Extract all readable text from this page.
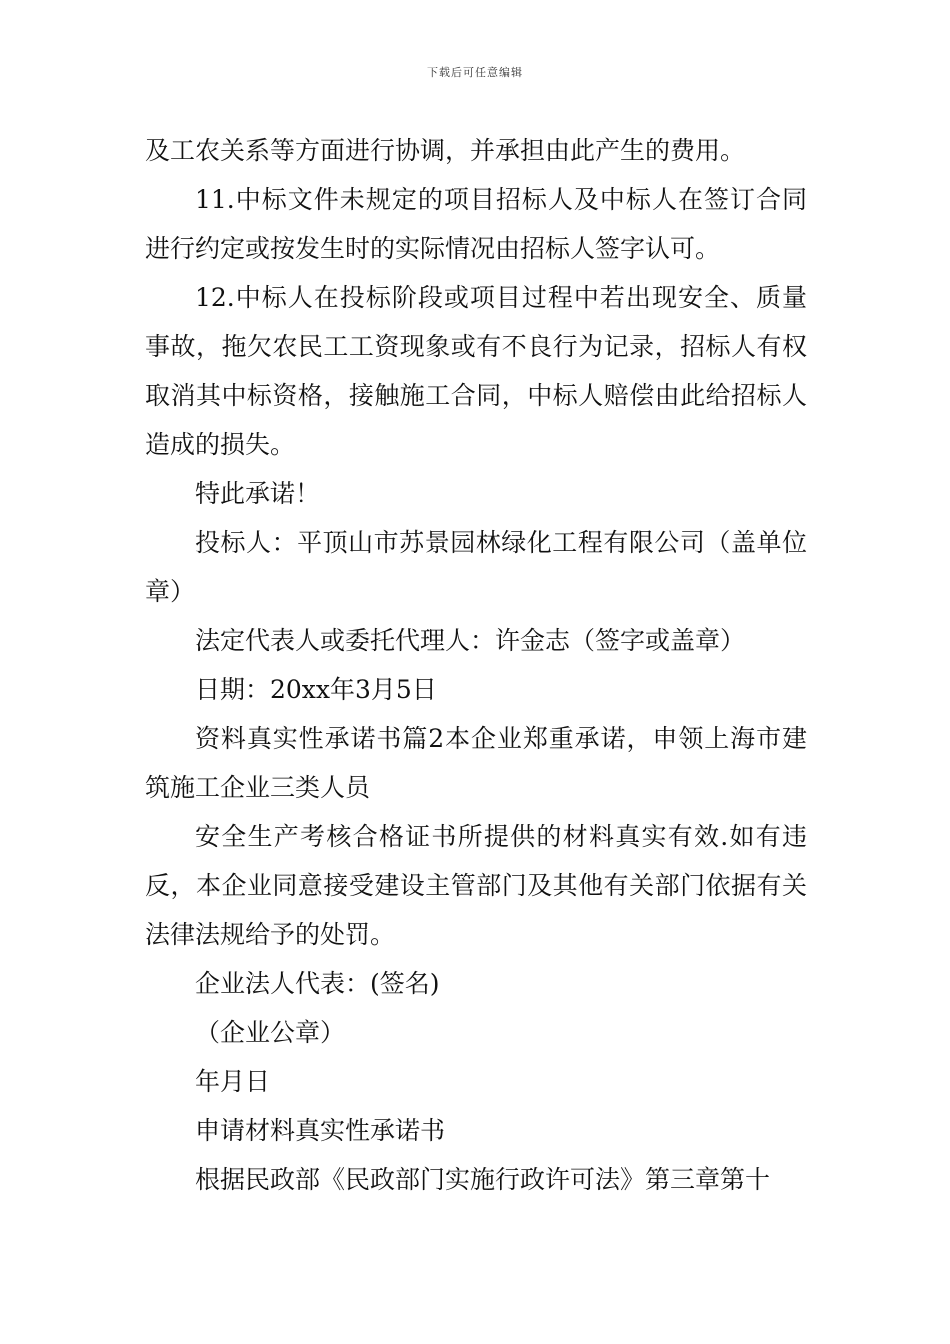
下载后可任意编辑

及工农关系等方面进行协调，并承担由此产生的费用。

11.中标文件未规定的项目招标人及中标人在签订合同进行约定或按发生时的实际情况由招标人签字认可。

12.中标人在投标阶段或项目过程中若出现安全、质量事故，拖欠农民工工资现象或有不良行为记录，招标人有权取消其中标资格，接触施工合同，中标人赔偿由此给招标人造成的损失。

特此承诺！

投标人：平顶山市苏景园林绿化工程有限公司（盖单位章）

法定代表人或委托代理人：许金志（签字或盖章）

日期：20xx年3月5日

资料真实性承诺书篇2本企业郑重承诺，申领上海市建筑施工企业三类人员

安全生产考核合格证书所提供的材料真实有效.如有违反，本企业同意接受建设主管部门及其他有关部门依据有关法律法规给予的处罚。

企业法人代表：(签名)

（企业公章）

年月日

申请材料真实性承诺书

根据民政部《民政部门实施行政许可法》第三章第十
